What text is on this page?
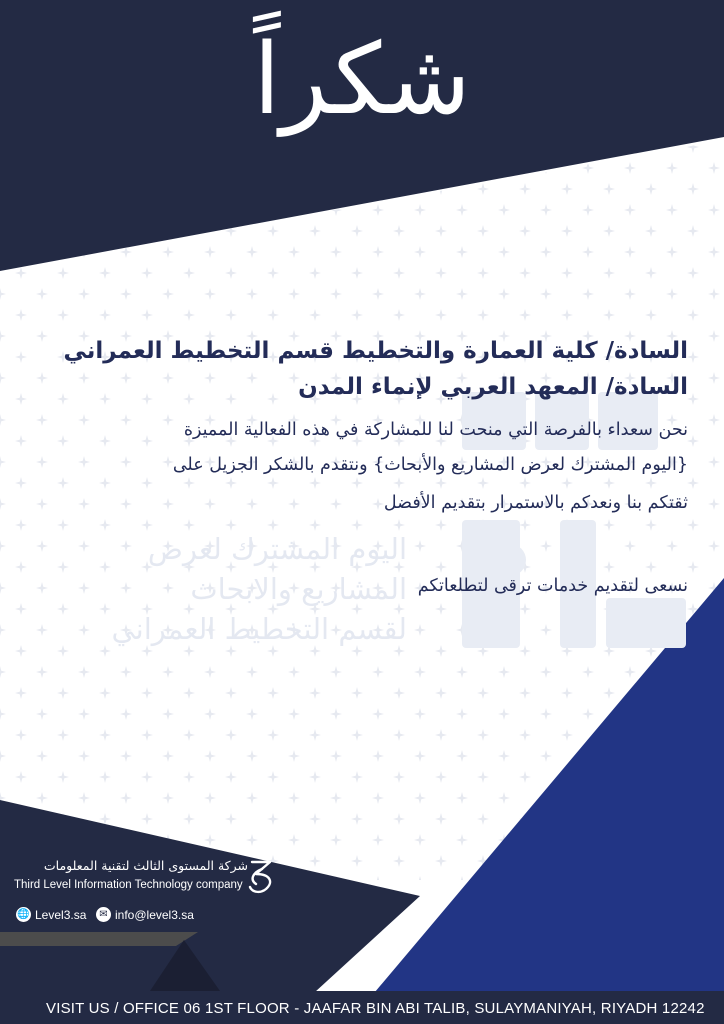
شكراً
اليوم المشترك لعرض
المشاريع والابحاث
لقسم التخطيط العمراني
السادة/ كلية العمارة والتخطيط قسم التخطيط العمراني
السادة/ المعهد العربي لإنماء المدن
نحن سعداء بالفرصة التي منحت لنا للمشاركة في هذه الفعالية المميزة
{اليوم المشترك لعرض المشاريع والأبحاث} ونتقدم بالشكر الجزيل على
ثقتكم بنا ونعدكم بالاستمرار بتقديم الأفضل
نسعى لتقديم خدمات ترقى لتطلعاتكم
شركة المستوى الثالث لتقنية المعلومات
Third Level Information Technology company
🌐 Level3.sa	✉ info@level3.sa
VISIT US / OFFICE 06 1ST FLOOR - JAAFAR BIN ABI TALIB, SULAYMANIYAH, RIYADH 12242
